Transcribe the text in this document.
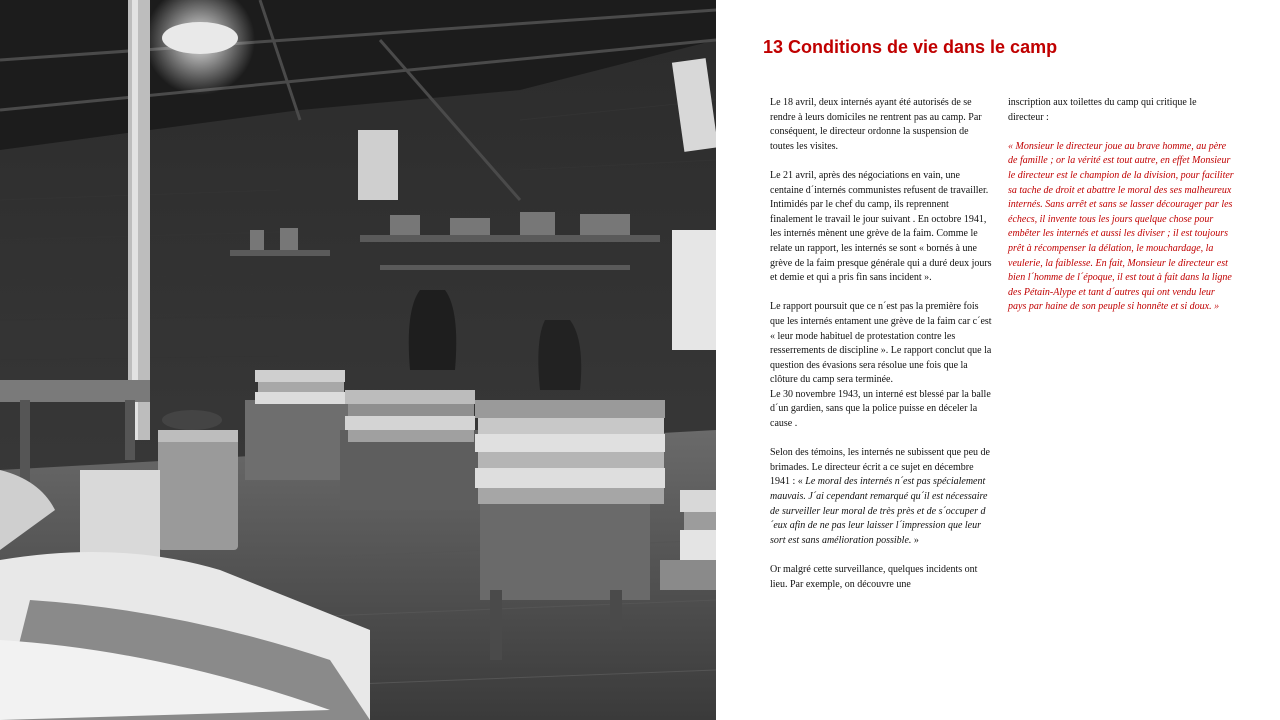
13 Conditions de vie dans le camp

Le 18 avril, deux internés ayant été autorisés de se rendre à leurs domiciles ne rentrent pas au camp. Par conséquent, le directeur ordonne la suspension de toutes les visites.

Le 21 avril, après des négociations en vain, une centaine d´internés communistes refusent de travailler. Intimidés par le chef du camp, ils reprennent finalement le travail le jour suivant . En octobre 1941, les internés mènent une grève de la faim. Comme le relate un rapport, les internés se sont « bornés à une grève de la faim presque générale qui a duré deux jours et demie et qui a pris fin sans incident ».

Le rapport poursuit que ce n´est pas la première fois que les internés entament une grève de la faim car c´est « leur mode habituel de protestation contre les resserrements de discipline ». Le rapport conclut que la question des évasions sera résolue une fois que la clôture du camp sera terminée.

Le 30 novembre 1943, un interné est blessé par la balle d´un gardien, sans que la police puisse en déceler la cause .

Selon des témoins, les internés ne subissent que peu de brimades. Le directeur écrit a ce sujet en décembre 1941 : « Le moral des internés n´est pas spécialement mauvais. J´ai cependant remarqué qu´il est nécessaire de surveiller leur moral de très près et de s´occuper d´eux afin de ne pas leur laisser l´impression que leur sort est sans amélioration possible. »

Or malgré cette surveillance, quelques incidents ont lieu. Par exemple, on découvre une

inscription aux toilettes du camp qui critique le directeur :

« Monsieur le directeur joue au brave homme, au père de famille ; or la vérité est tout autre, en effet Monsieur le directeur est le champion de la division, pour faciliter sa tache de droit et abattre le moral des ses malheureux internés. Sans arrêt et sans se lasser décourager par les échecs, il invente tous les jours quelque chose pour embêter les internés et aussi les diviser ; il est toujours prêt à récompenser la délation, le mouchardage, la veulerie, la faiblesse. En fait, Monsieur le directeur est bien l´homme de l´époque, il est tout à fait dans la ligne des Pétain-Alype et tant d´autres qui ont vendu leur pays par haine de son peuple si honnête et si doux. »
